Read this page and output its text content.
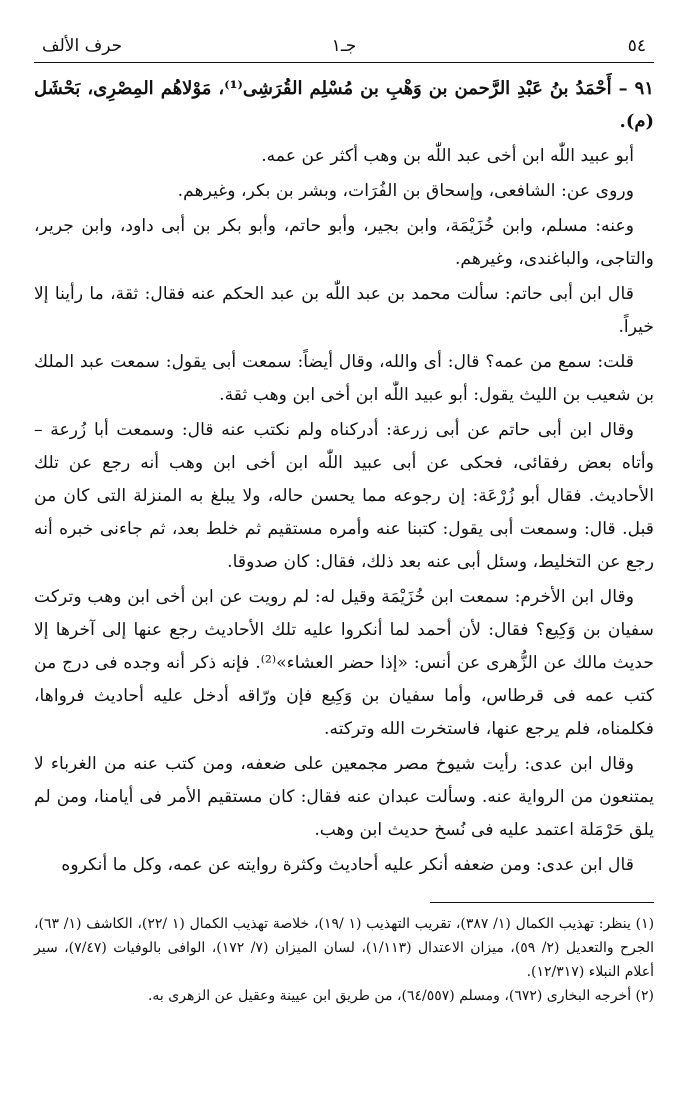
٥٤
جـ١
حرف الألف

٩١ – أَحْمَدُ بنُ عَبْدِ الرَّحمن بن وَهْبِ بن مُسْلِم القُرَشِى⁽¹⁾، مَوْلاهُم المِصْرِى، بَحْشَل (م).

أبو عبيد اللّٰه ابن أخى عبد اللّٰه بن وهب أكثر عن عمه.

وروى عن: الشافعى، وإسحاق بن الفُرَات، وبشر بن بكر، وغيرهم.

وعنه: مسلم، وابن خُزَيْمَة، وابن بجير، وأبو حاتم، وأبو بكر بن أبى داود، وابن جرير، والتاجى، والباغندى، وغيرهم.

قال ابن أبى حاتم: سألت محمد بن عبد اللّٰه بن عبد الحكم عنه فقال: ثقة، ما رأينا إلا خيراً.

قلت: سمع من عمه؟ قال: أى والله، وقال أيضاً: سمعت أبى يقول: سمعت عبد الملك بن شعيب بن الليث يقول: أبو عبيد اللّٰه ابن أخى ابن وهب ثقة.

وقال ابن أبى حاتم عن أبى زرعة: أدركناه ولم نكتب عنه قال: وسمعت أبا زُرعة – وأتاه بعض رفقائى، فحكى عن أبى عبيد اللّٰه ابن أخى ابن وهب أنه رجع عن تلك الأحاديث. فقال أبو زُرْعَة: إن رجوعه مما يحسن حاله، ولا يبلغ به المنزلة التى كان من قبل. قال: وسمعت أبى يقول: كتبنا عنه وأمره مستقيم ثم خلط بعد، ثم جاءنى خبره أنه رجع عن التخليط، وسئل أبى عنه بعد ذلك، فقال: كان صدوقا.

وقال ابن الأخرم: سمعت ابن خُزَيْمَة وقيل له: لم رويت عن ابن أخى ابن وهب وتركت سفيان بن وَكِيع؟ فقال: لأن أحمد لما أنكروا عليه تلك الأحاديث رجع عنها إلى آخرها إلا حديث مالك عن الزُّهرى عن أنس: «إذا حضر العشاء»⁽²⁾. فإنه ذكر أنه وجده فى درج من كتب عمه فى قرطاس، وأما سفيان بن وَكِيع فإن ورّاقه أدخل عليه أحاديث فرواها، فكلمناه، فلم يرجع عنها، فاستخرت الله وتركته.

وقال ابن عدى: رأيت شيوخ مصر مجمعين على ضعفه، ومن كتب عنه من الغرباء لا يمتنعون من الرواية عنه. وسألت عبدان عنه فقال: كان مستقيم الأمر فى أيامنا، ومن لم يلق حَرْمَلة اعتمد عليه فى نُسخ حديث ابن وهب.

قال ابن عدى: ومن ضعفه أنكر عليه أحاديث وكثرة روايته عن عمه، وكل ما أنكروه

(١) ينظر: تهذيب الكمال (١/ ٣٨٧)، تقريب التهذيب (١ /١٩)، خلاصة تهذيب الكمال (١ /٢٢)، الكاشف (١/ ٦٣)، الجرح والتعديل (٢/ ٥٩)، ميزان الاعتدال (١/١١٣)، لسان الميزان (٧/ ١٧٢)، الوافى بالوفيات (٧/٤٧)، سير أعلام النبلاء (١٢/٣١٧).

(٢) أخرجه البخارى (٦٧٢)، ومسلم (٦٤/٥٥٧)، من طريق ابن عيينة وعقيل عن الزهرى به.
